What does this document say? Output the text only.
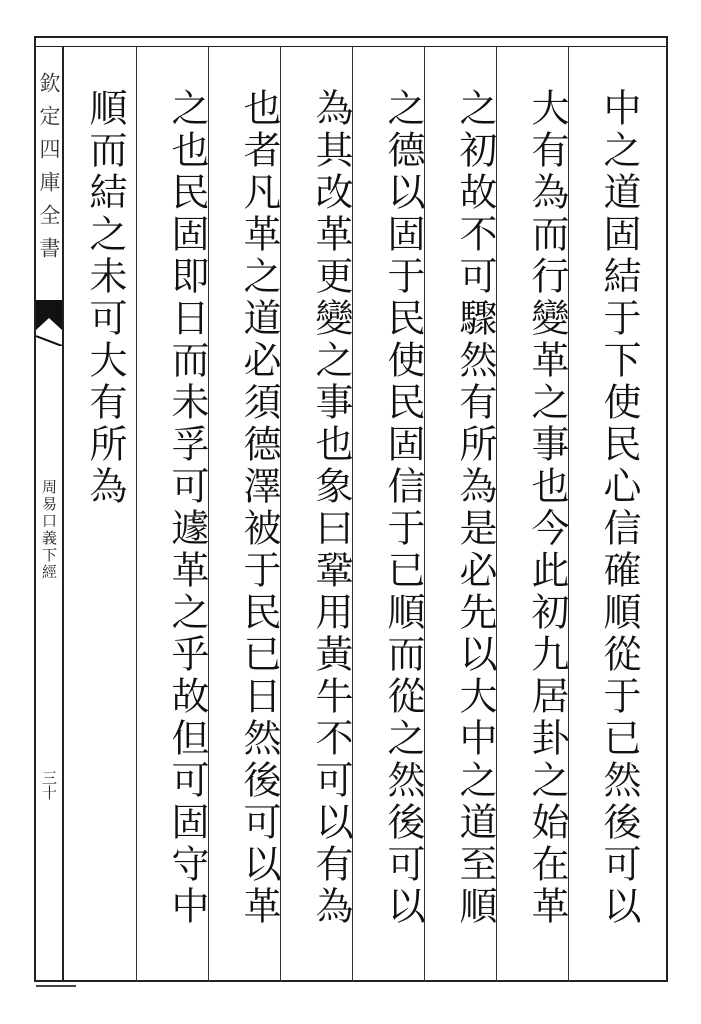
欽定四庫全書
周易口義下經
三十	中之道固結于下使民心信確順從于已然後可以
大有為而行變革之事也今此初九居卦之始在革
之初故不可驟然有所為是必先以大中之道至順
之德以固于民使民固信于已順而從之然後可以
為其改革更變之事也象曰鞏用黃牛不可以有為
也者凡革之道必須德澤被于民已日然後可以革
之也民固即日而未孚可遽革之乎故但可固守中
順而結之未可大有所為
